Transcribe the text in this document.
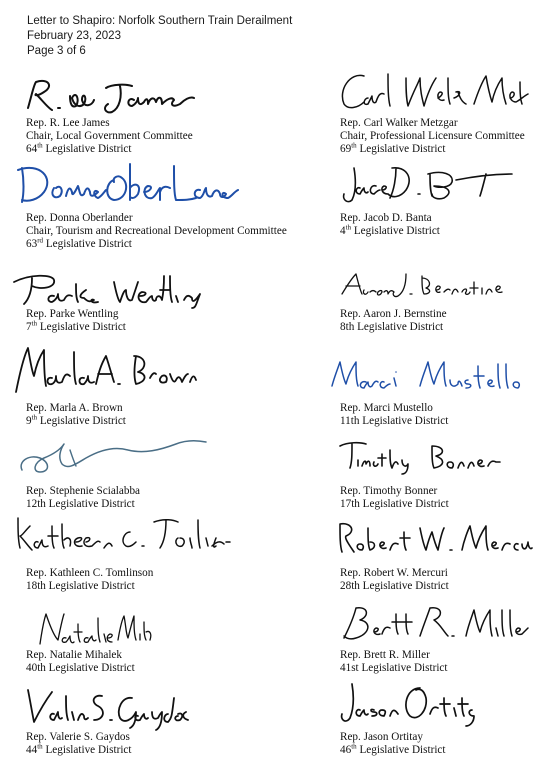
Letter to Shapiro: Norfolk Southern Train Derailment
February 23, 2023
Page 3 of 6
Rep. R. Lee James
Chair, Local Government Committee
64th Legislative District
Rep. Donna Oberlander
Chair, Tourism and Recreational Development Committee
63rd Legislative District
Rep. Parke Wentling
7th Legislative District
Rep. Marla A. Brown
9th Legislative District
Rep. Stephenie Scialabba
12th Legislative District
Rep. Kathleen C. Tomlinson
18th Legislative District
Rep. Natalie Mihalek
40th Legislative District
Rep. Valerie S. Gaydos
44th Legislative District
Rep. Carl Walker Metzgar
Chair, Professional Licensure Committee
69th Legislative District
Rep. Jacob D. Banta
4th Legislative District
Rep. Aaron J. Bernstine
8th Legislative District
Rep. Marci Mustello
11th Legislative District
Rep. Timothy Bonner
17th Legislative District
Rep. Robert W. Mercuri
28th Legislative District
Rep. Brett R. Miller
41st Legislative District
Rep. Jason Ortitay
46th Legislative District
